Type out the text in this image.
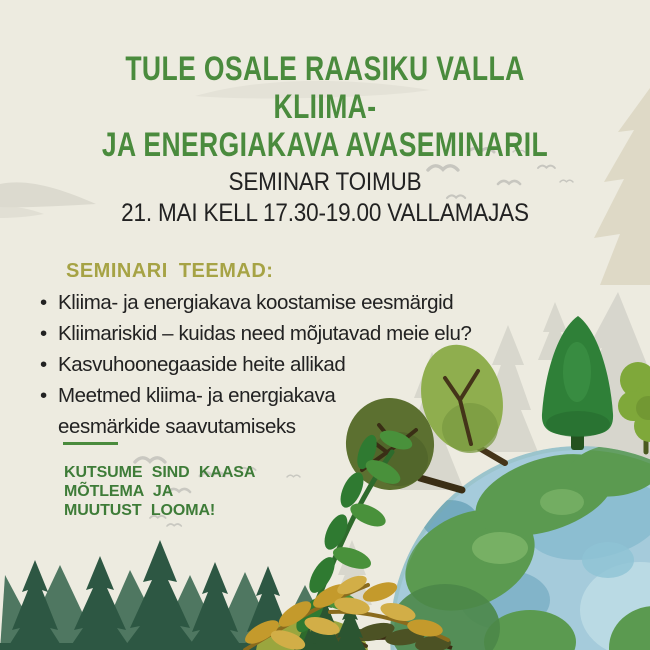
TULE OSALE RAASIKU VALLA KLIIMA-
JA ENERGIAKAVA AVASEMINARIL
SEMINAR TOIMUB
21. MAI KELL 17.30-19.00 VALLAMAJAS
SEMINARI TEEMAD:
• Kliima- ja energiakava koostamise eesmärgid
• Kliimariskid – kuidas need mõjutavad meie elu?
• Kasvuhoonegaaside heite allikad
• Meetmed kliima- ja energiakava
eesmärkide saavutamiseks
KUTSUME SIND KAASA
MÕTLEMA JA
MUUTUST LOOMA!
